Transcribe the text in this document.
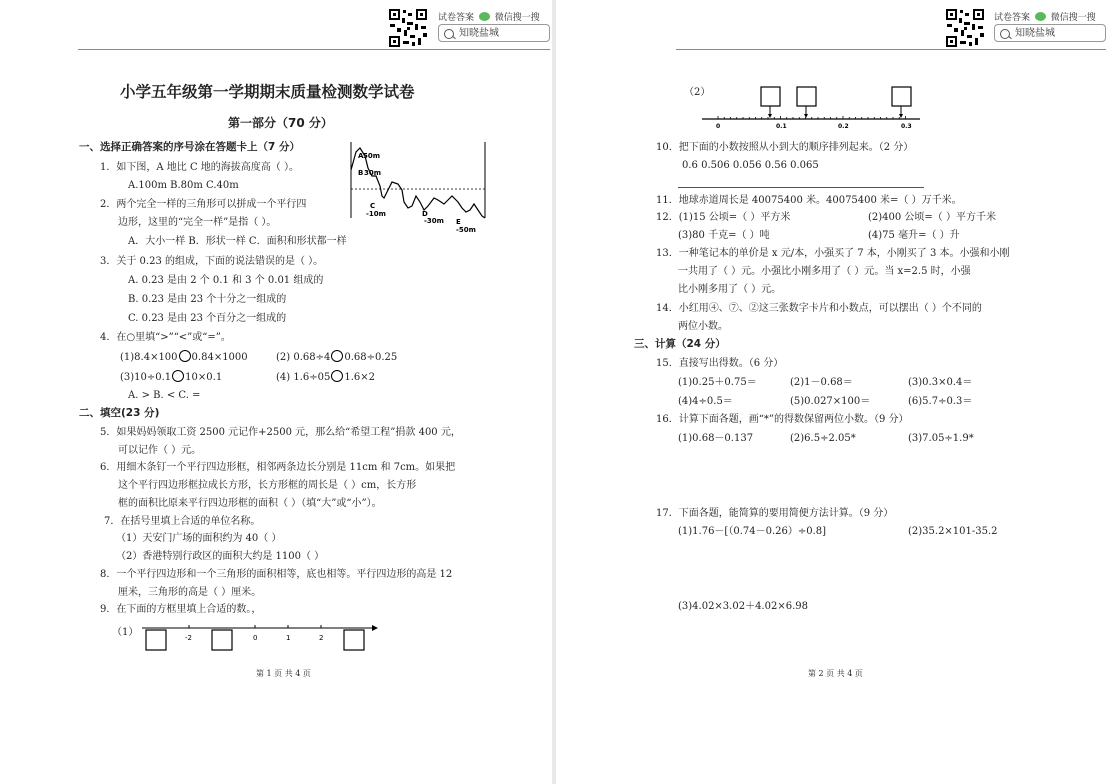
试卷答案 微信搜一搜
知晓盐城
小学五年级第一学期期末质量检测数学试卷
第一部分（70 分）
一、选择正确答案的序号涂在答题卡上（7 分）
1．如下图，A 地比 C 地的海拔高度高（ ）。
A.100m B.80m C.40m
2．两个完全一样的三角形可以拼成一个平行四
边形，这里的“完全一样”是指（ ）。
A．大小一样 B．形状一样 C．面积和形状都一样
A 50m
B 30m
C
-10m	D
-30m E
-50m
3．关于 0.23 的组成，下面的说法错误的是（ ）。
A. 0.23 是由 2 个 0.1 和 3 个 0.01 组成的
B. 0.23 是由 23 个十分之一组成的
C. 0.23 是由 23 个百分之一组成的
4．在○里填“>”“<”或“=”。
(1)8.4×100 0.84×1000	(2) 0.68÷4 0.68÷0.25
(3)10÷0.1 10×0.1	(4) 1.6÷05 1.6×2
A. > B. < C. =
二、填空(23 分)
5．如果妈妈领取工资 2500 元记作+2500 元，那么给“希望工程”捐款 400 元，
可以记作（ ）元。
6．用细木条钉一个平行四边形框，相邻两条边长分别是 11cm 和 7cm。如果把
这个平行四边形框拉成长方形，长方形框的周长是（ ）cm，长方形
框的面积比原来平行四边形框的面积（ ）（填“大”或“小”）。
7．在括号里填上合适的单位名称。
（1）天安门广场的面积约为 40（ ）
（2）香港特别行政区的面积大约是 1100（ ）
8．一个平行四边形和一个三角形的面积相等，底也相等。平行四边形的高是 12
厘米，三角形的高是（ ）厘米。
9．在下面的方框里填上合适的数。，
（1）	-2	0	1	2
第 1 页 共 4 页
试卷答案 微信搜一搜
知晓盐城
（2）
0	0.1	0.2	0.3
10．把下面的小数按照从小到大的顺序排列起来。（2 分）
0.6 0.506 0.056 0.56 0.065
11．地球赤道周长是 40075400 米。40075400 米=（ ）万千米。
12．(1)15 公顷=（ ）平方米	(2)400 公顷=（ ）平方千米
(3)80 千克=（ ）吨	(4)75 毫升=（ ）升
13．一种笔记本的单价是 x 元/本，小强买了 7 本，小刚买了 3 本。小强和小刚
一共用了（ ）元。小强比小刚多用了（ ）元。当 x=2.5 时，小强
比小刚多用了（ ）元。
14．小红用④、⑦、②这三张数字卡片和小数点，可以摆出（ ）个不同的
两位小数。
三、计算（24 分）
15．直接写出得数。（6 分）
(1)0.25＋0.75＝	(2)1－0.68＝	(3)0.3×0.4＝
(4)4÷0.5＝	(5)0.027×100＝	(6)5.7÷0.3＝
16．计算下面各题，画“*”的得数保留两位小数。（9 分）
(1)0.68－0.137	(2)6.5÷2.05*	(3)7.05÷1.9*
17．下面各题，能简算的要用简便方法计算。（9 分）
(1)1.76－[（0.74－0.26）÷0.8]	(2)35.2×101-35.2
(3)4.02×3.02＋4.02×6.98
第 2 页 共 4 页
